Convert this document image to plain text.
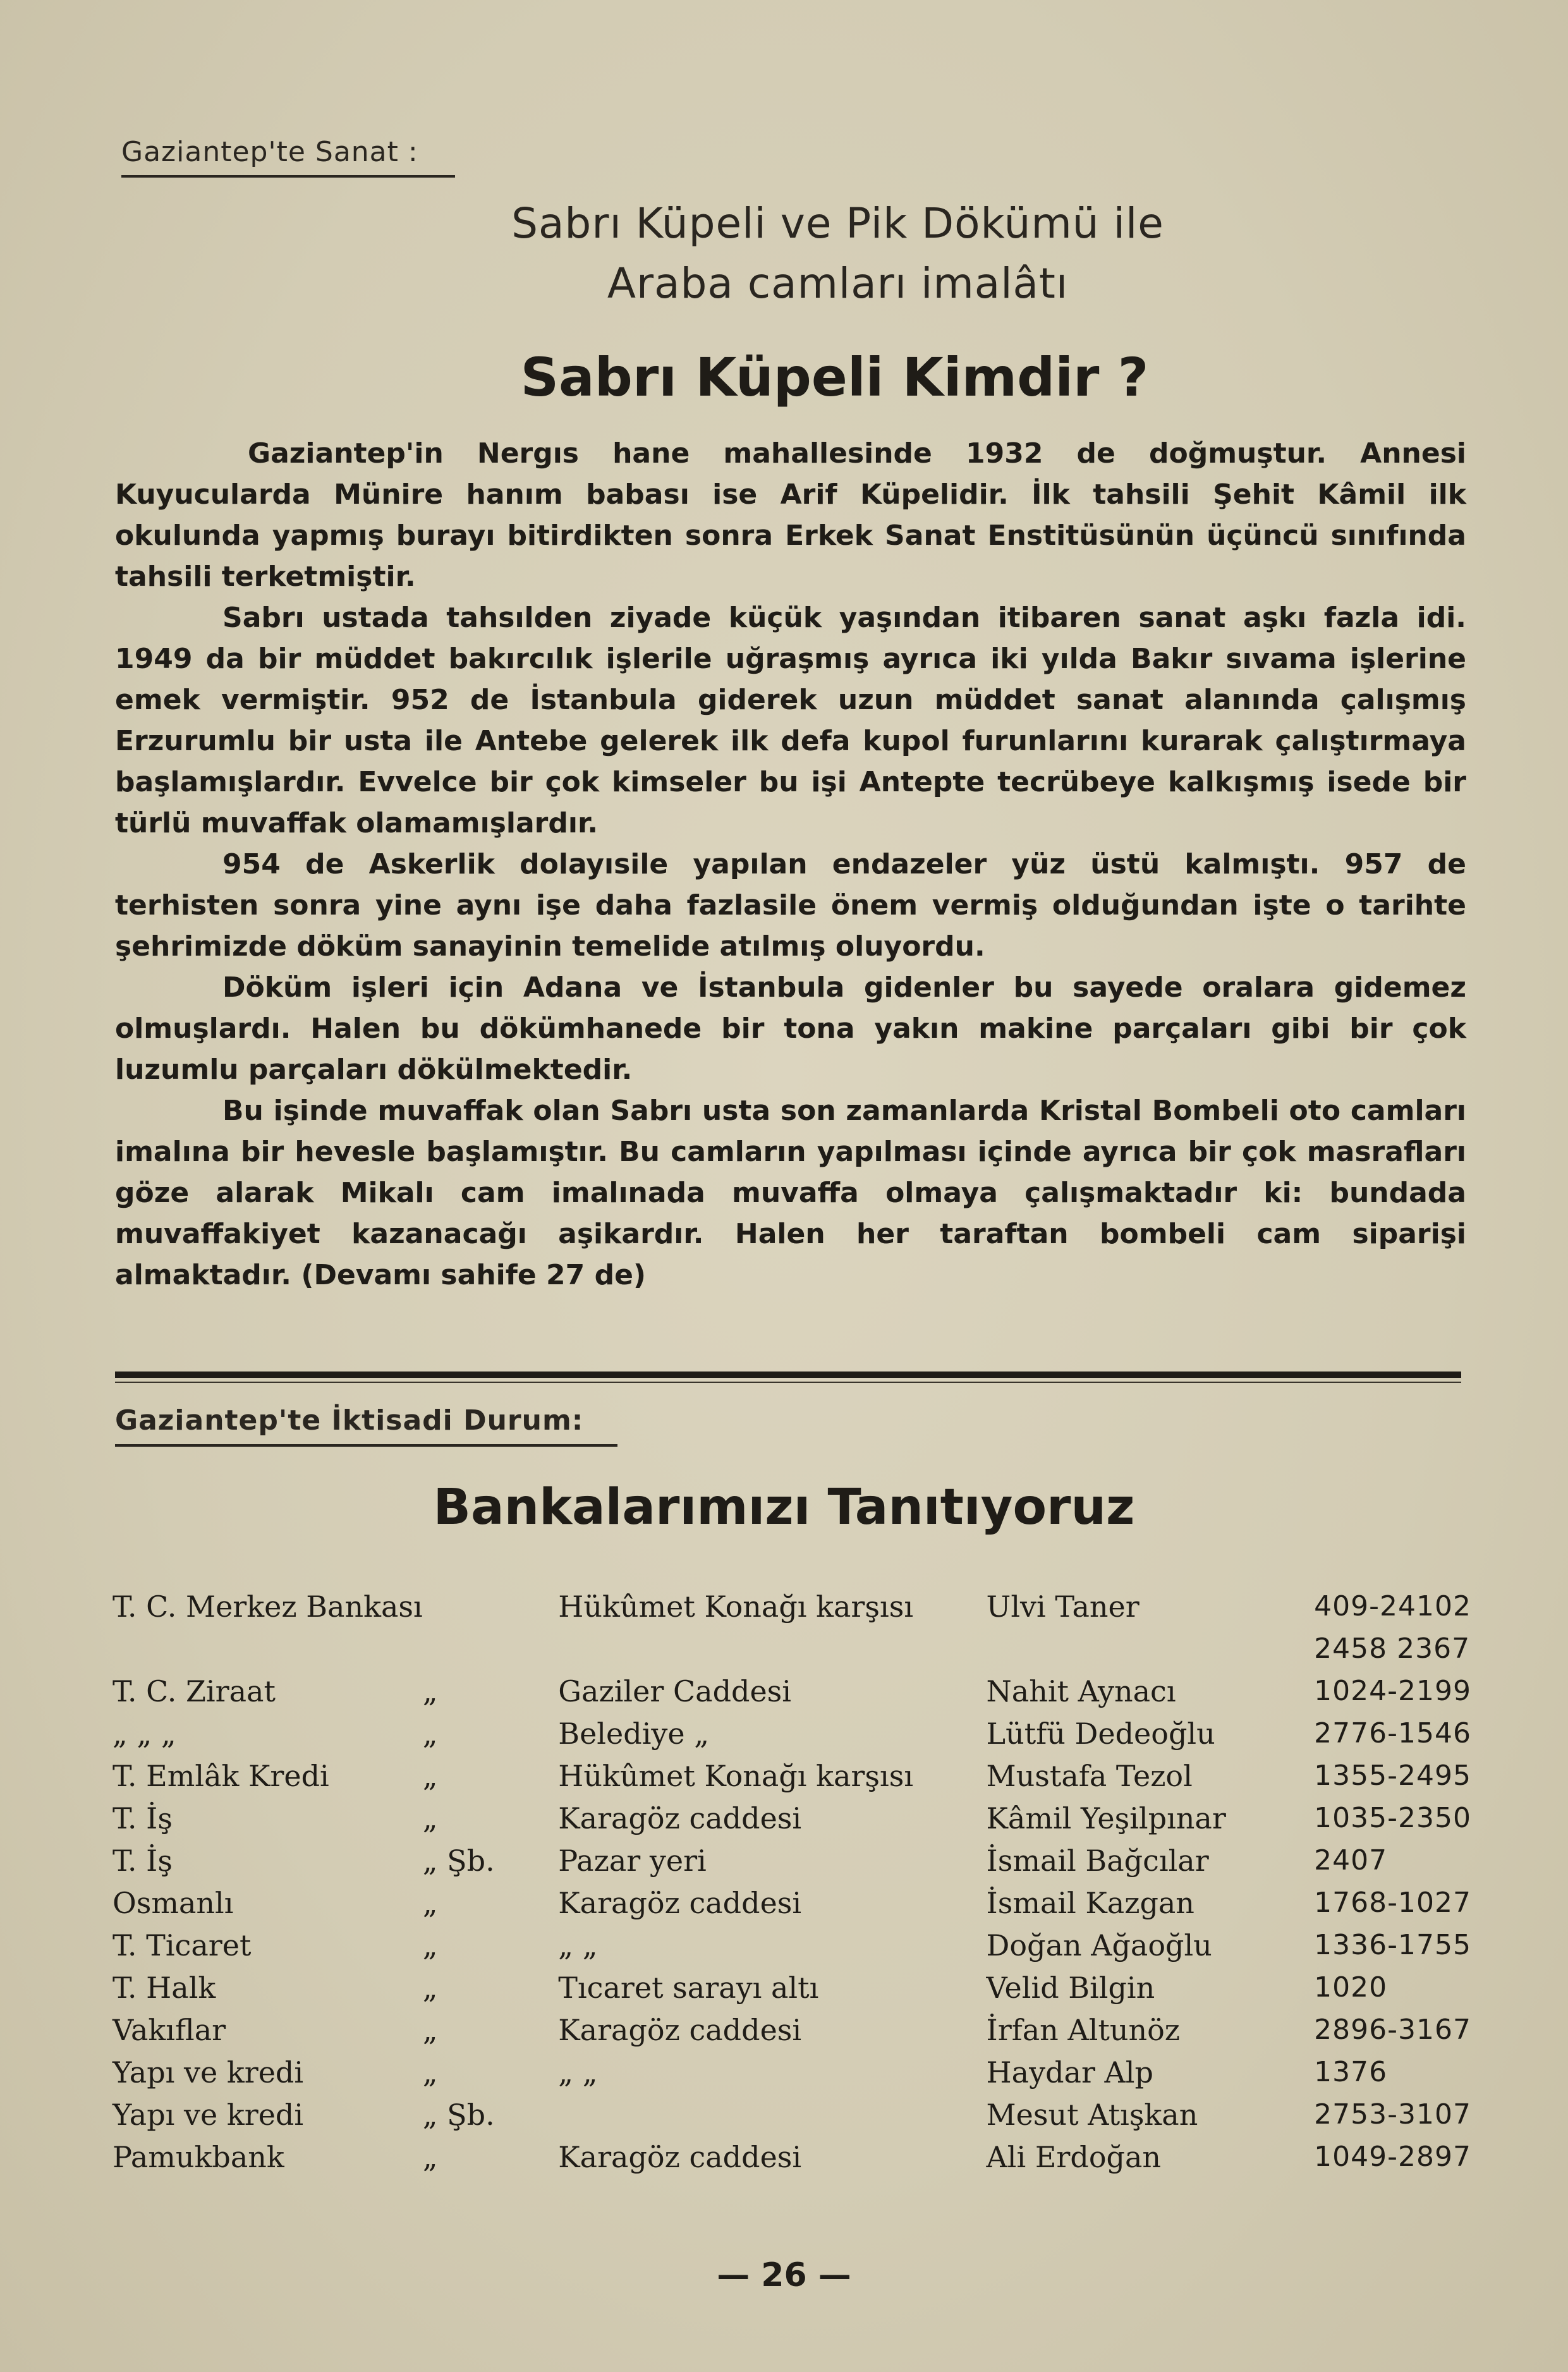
Gaziantep'te Sanat :
Sabrı Küpeli ve Pik Dökümü ile
Araba camları imalâtı
Sabrı Küpeli Kimdir ?

Gaziantep'in Nergıs hane mahallesinde 1932 de doğmuştur. Annesi Kuyucularda Münire hanım babası ise Arif Küpelidir. İlk tahsili Şehit Kâmil ilk okulunda yapmış burayı bitirdikten sonra Erkek Sanat Enstitüsünün üçüncü sınıfında tahsili terketmiştir.

Sabrı ustada tahsılden ziyade küçük yaşından itibaren sanat aşkı fazla idi. 1949 da bir müddet bakırcılık işlerile uğraşmış ayrıca iki yılda Bakır sıvama işlerine emek vermiştir. 952 de İstanbula giderek uzun müddet sanat alanında çalışmış Erzurumlu bir usta ile Antebe gelerek ilk defa kupol furunlarını kurarak çalıştırmaya başlamışlardır. Evvelce bir çok kimseler bu işi Antepte tecrübeye kalkışmış isede bir türlü muvaffak olamamışlardır.

954 de Askerlik dolayısile yapılan endazeler yüz üstü kalmıştı. 957 de terhisten sonra yine aynı işe daha fazlasile önem vermiş olduğundan işte o tarihte şehrimizde döküm sanayinin temelide atılmış oluyordu.

Döküm işleri için Adana ve İstanbula gidenler bu sayede oralara gidemez olmuşlardı. Halen bu dökümhanede bir tona yakın makine parçaları gibi bir çok luzumlu parçaları dökülmektedir.

Bu işinde muvaffak olan Sabrı usta son zamanlarda Kristal Bombeli oto camları imalına bir hevesle başlamıştır. Bu camların yapılması içinde ayrıca bir çok masrafları göze alarak Mikalı cam imalınada muvaffa olmaya çalışmaktadır ki: bundada muvaffakiyet kazanacağı aşikardır. Halen her taraftan bombeli cam siparişi almaktadır. (Devamı sahife 27 de)

Gaziantep'te İktisadi Durum:
Bankalarımızı Tanıtıyoruz
T. C. Merkez Bankası		Hükûmet Konağı karşısı	Ulvi Taner	409-24102
				2458 2367
T. C. Ziraat	„	Gaziler Caddesi	Nahit Aynacı	1024-2199
„ „ „	„	Belediye „	Lütfü Dedeoğlu	2776-1546
T. Emlâk Kredi	„	Hükûmet Konağı karşısı	Mustafa Tezol	1355-2495
T. İş	„	Karagöz caddesi	Kâmil Yeşilpınar	1035-2350
T. İş	„ Şb.	Pazar yeri	İsmail Bağcılar	2407
Osmanlı	„	Karagöz caddesi	İsmail Kazgan	1768-1027
T. Ticaret	„	„ „	Doğan Ağaoğlu	1336-1755
T. Halk	„	Tıcaret sarayı altı	Velid Bilgin	1020
Vakıflar	„	Karagöz caddesi	İrfan Altunöz	2896-3167
Yapı ve kredi	„	„ „	Haydar Alp	1376
Yapı ve kredi	„ Şb.		Mesut Atışkan	2753-3107
Pamukbank	„	Karagöz caddesi	Ali Erdoğan	1049-2897
— 26 —
